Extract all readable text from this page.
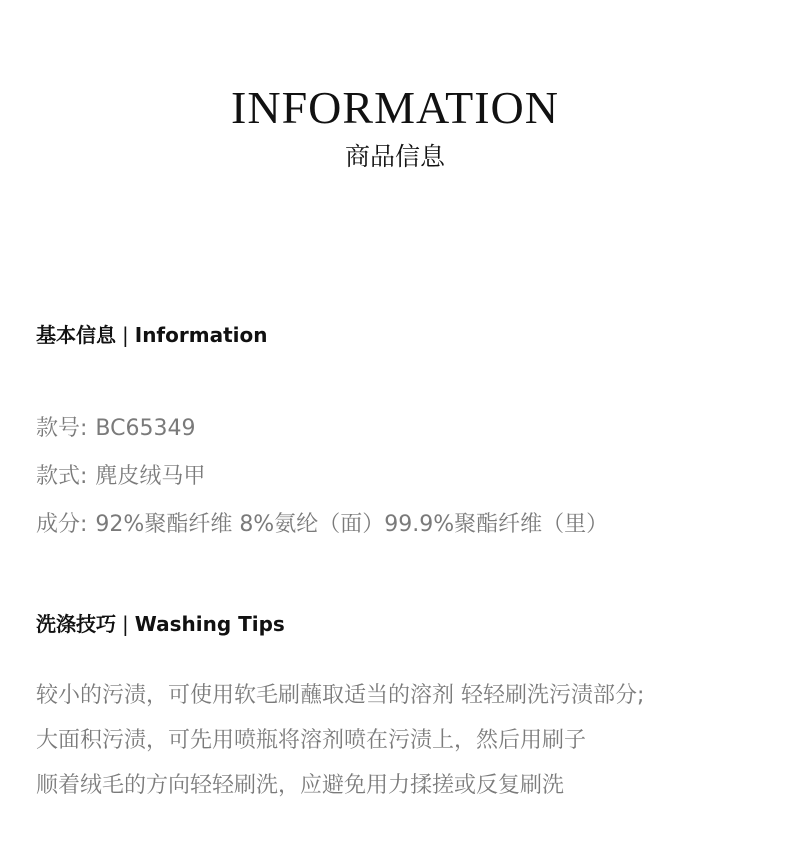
INFORMATION
商品信息
基本信息 | Information
款号: BC65349
款式: 麂皮绒马甲
成分: 92%聚酯纤维 8%氨纶（面）99.9%聚酯纤维（里）
洗涤技巧 | Washing Tips
较小的污渍，可使用软毛刷蘸取适当的溶剂 轻轻刷洗污渍部分;
大面积污渍，可先用喷瓶将溶剂喷在污渍上，然后用刷子
顺着绒毛的方向轻轻刷洗，应避免用力揉搓或反复刷洗
